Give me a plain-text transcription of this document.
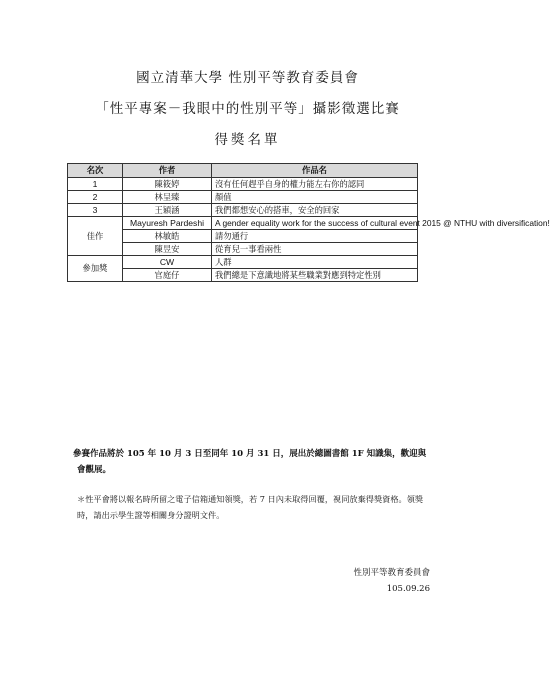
國立清華大學 性別平等教育委員會
「性平專案－我眼中的性別平等」攝影徵選比賽
得獎名單
名次	作者	作品名
1	陳筱婷	沒有任何趕乎自身的權力能左右你的認同
2	林呈臻	顏值
3	王穎涵	我們都想安心的搭車，安全的回家
佳作	Mayuresh Pardeshi	A gender equality work for the success of cultural event 2015 @ NTHU with diversification!
	林敏皓	請勿通行
	陳昱安	從育兒一事看兩性
參加獎	CW	人群
	官庭仔	我們總是下意識地將某些職業對應到特定性別
參賽作品將於 105 年 10 月 3 日至同年 10 月 31 日，展出於總圖書館 1F 知識集，歡迎與會觀展。
＊性平會將以報名時所留之電子信箱通知領獎，若 7 日內未取得回覆，視同放棄得獎資格。領獎時，請出示學生證等相關身分證明文件。
性別平等教育委員會
105.09.26
